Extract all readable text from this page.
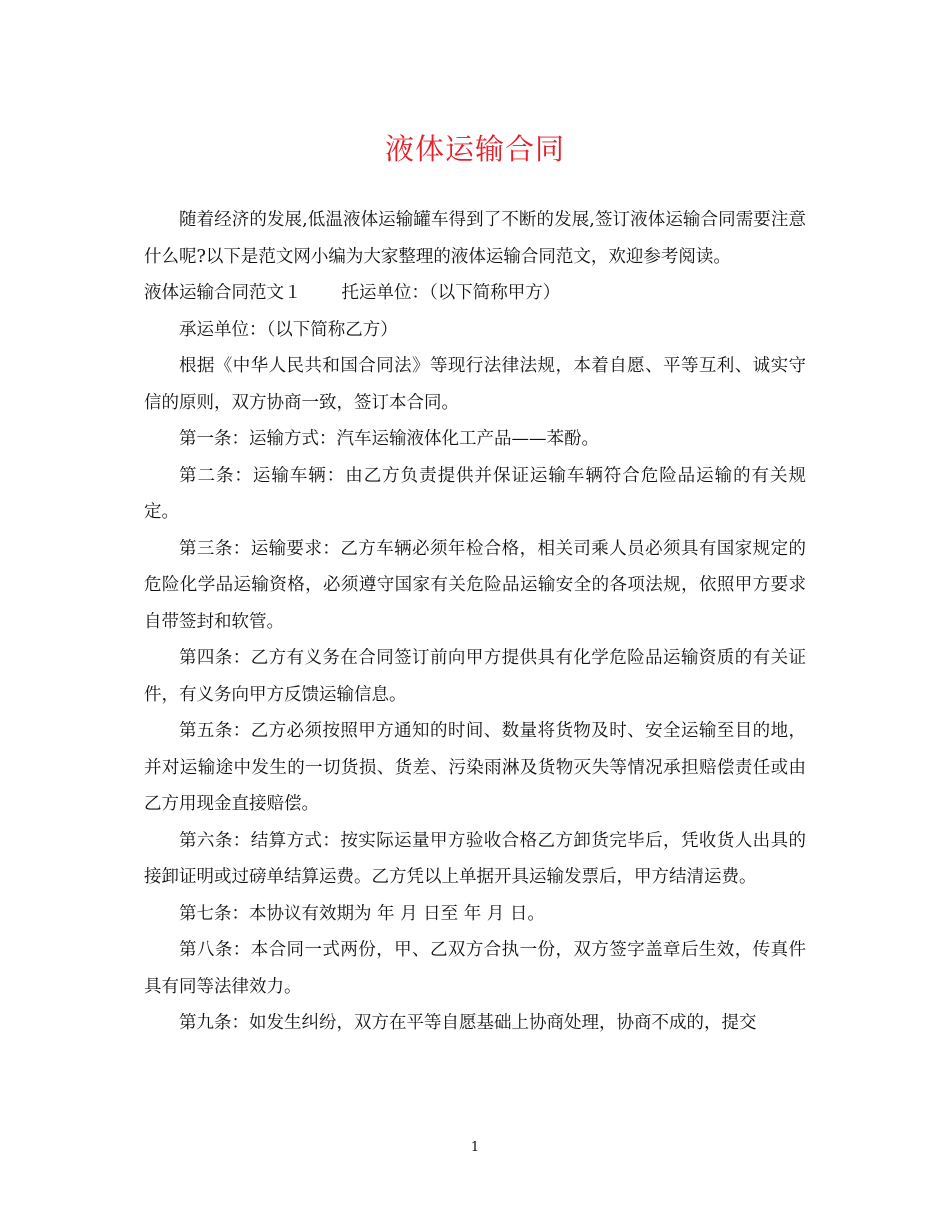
液体运输合同

随着经济的发展,低温液体运输罐车得到了不断的发展,签订液体运输合同需要注意什么呢?以下是范文网小编为大家整理的液体运输合同范文，欢迎参考阅读。

液体运输合同范文１ 托运单位：（以下简称甲方）

承运单位：（以下简称乙方）

根据《中华人民共和国合同法》等现行法律法规，本着自愿、平等互利、诚实守信的原则，双方协商一致，签订本合同。

第一条：运输方式：汽车运输液体化工产品——苯酚。

第二条：运输车辆：由乙方负责提供并保证运输车辆符合危险品运输的有关规定。

第三条：运输要求：乙方车辆必须年检合格，相关司乘人员必须具有国家规定的危险化学品运输资格，必须遵守国家有关危险品运输安全的各项法规，依照甲方要求自带签封和软管。

第四条：乙方有义务在合同签订前向甲方提供具有化学危险品运输资质的有关证件，有义务向甲方反馈运输信息。

第五条：乙方必须按照甲方通知的时间、数量将货物及时、安全运输至目的地，并对运输途中发生的一切货损、货差、污染雨淋及货物灭失等情况承担赔偿责任或由乙方用现金直接赔偿。

第六条：结算方式：按实际运量甲方验收合格乙方卸货完毕后，凭收货人出具的接卸证明或过磅单结算运费。乙方凭以上单据开具运输发票后，甲方结清运费。

第七条：本协议有效期为 年 月 日至 年 月 日。

第八条：本合同一式两份，甲、乙双方合执一份，双方签字盖章后生效，传真件具有同等法律效力。

第九条：如发生纠纷，双方在平等自愿基础上协商处理，协商不成的，提交

1
